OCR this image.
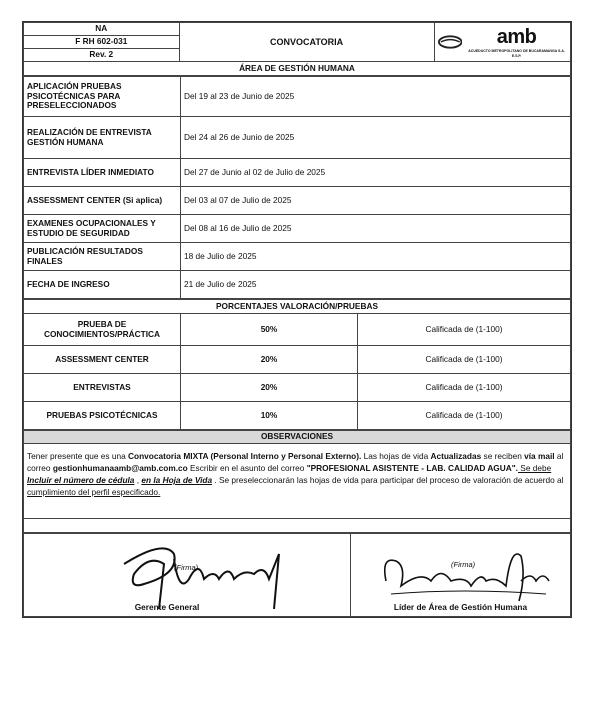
NA	CONVOCATORIA	amb
ACUEDUCTO METROPOLITANO DE BUCARAMANGA S.A. E.S.P.

F RH 602-031
Rev. 2
ÁREA DE GESTIÓN HUMANA
APLICACIÓN PRUEBAS PSICOTÉCNICAS PARA PRESELECCIONADOS	Del 19 al 23 de Junio de 2025
REALIZACIÓN DE ENTREVISTA GESTIÓN HUMANA	Del 24 al 26 de Junio de 2025
ENTREVISTA LÍDER INMEDIATO	Del 27 de Junio al 02 de Julio de 2025
ASSESSMENT CENTER (Si aplica)	Del 03 al 07 de Julio de 2025
EXAMENES OCUPACIONALES Y ESTUDIO DE SEGURIDAD	Del 08 al 16 de Julio de 2025
PUBLICACIÓN RESULTADOS FINALES	18 de Julio de 2025
FECHA DE INGRESO	21 de Julio de 2025
PORCENTAJES VALORACIÓN/PRUEBAS		
PRUEBA DE CONOCIMIENTOS/PRÁCTICA	50%	Calificada de (1-100)
ASSESSMENT CENTER	20%	Calificada de (1-100)
ENTREVISTAS	20%	Calificada de (1-100)
PRUEBAS PSICOTÉCNICAS	10%	Calificada de (1-100)
OBSERVACIONES
Tener presente que es una Convocatoria MIXTA (Personal Interno y Personal Externo). Las hojas de vida Actualizadas se reciben vía mail al correo gestionhumanaamb@amb.com.co Escribir en el asunto del correo "PROFESIONAL ASISTENTE - LAB. CALIDAD AGUA". Se debe Incluir el número de cédula , en la Hoja de Vida . Se preseleccionarán las hojas de vida para participar del proceso de valoración de acuerdo al cumplimiento del perfil especificado.

(Firma)
Gerente General

(Firma)
Líder de Área de Gestión Humana
